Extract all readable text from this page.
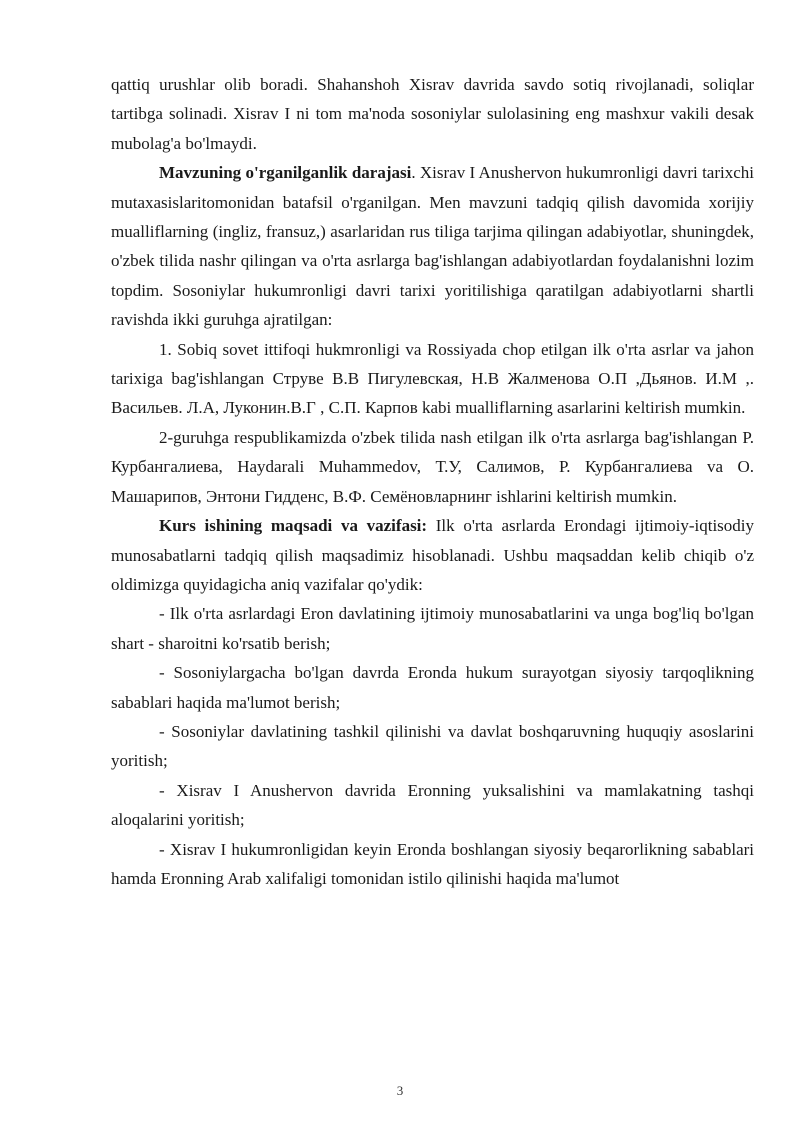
qattiq urushlar olib boradi. Shahanshoh Xisrav davrida savdo sotiq rivojlanadi, soliqlar tartibga solinadi. Xisrav I ni tom ma'noda sosoniylar sulolasining eng mashxur vakili desak mubolag'a bo'lmaydi.

Mavzuning o'rganilganlik darajasi. Xisrav I Anushervon hukumronligi davri tarixchi mutaxasislaritomonidan batafsil o'rganilgan. Men mavzuni tadqiq qilish davomida xorijiy mualliflarning (ingliz, fransuz,) asarlaridan rus tiliga tarjima qilingan adabiyotlar, shuningdek, o'zbek tilida nashr qilingan va o'rta asrlarga bag'ishlangan adabiyotlardan foydalanishni lozim topdim. Sosoniylar hukumronligi davri tarixi yoritilishiga qaratilgan adabiyotlarni shartli ravishda ikki guruhga ajratilgan:

1. Sobiq sovet ittifoqi hukmronligi va Rossiyada chop etilgan ilk o'rta asrlar va jahon tarixiga bag'ishlangan Струве В.В Пигулевская, Н.В Жалменова О.П ,Дьянов. И.М ,. Васильев. Л.А, Луконин.В.Г , С.П. Карпов kabi mualliflarning asarlarini keltirish mumkin.

2-guruhga respublikamizda o'zbek tilida nash etilgan ilk o'rta asrlarga bag'ishlangan Р. Курбангалиева, Haydarali Muhammedov, Т.У, Салимов, Р. Курбангалиева va О. Машарипов, Энтони Гидденс, В.Ф. Семёновларнинг ishlarini keltirish mumkin.

Kurs ishining maqsadi va vazifasi: Ilk o'rta asrlarda Erondagi ijtimoiy-iqtisodiy munosabatlarni tadqiq qilish maqsadimiz hisoblanadi. Ushbu maqsaddan kelib chiqib o'z oldimizga quyidagicha aniq vazifalar qo'ydik:

- Ilk o'rta asrlardagi Eron davlatining ijtimoiy munosabatlarini va unga bog'liq bo'lgan shart - sharoitni ko'rsatib berish;

- Sosoniylargacha bo'lgan davrda Eronda hukum surayotgan siyosiy tarqoqlikning sabablari haqida ma'lumot berish;

- Sosoniylar davlatining tashkil qilinishi va davlat boshqaruvning huquqiy asoslarini yoritish;

- Xisrav I Anushervon davrida Eronning yuksalishini va mamlakatning tashqi aloqalarini yoritish;

- Xisrav I hukumronligidan keyin Eronda boshlangan siyosiy beqarorlikning sabablari hamda Eronning Arab xalifaligi tomonidan istilo qilinishi haqida ma'lumot

3
